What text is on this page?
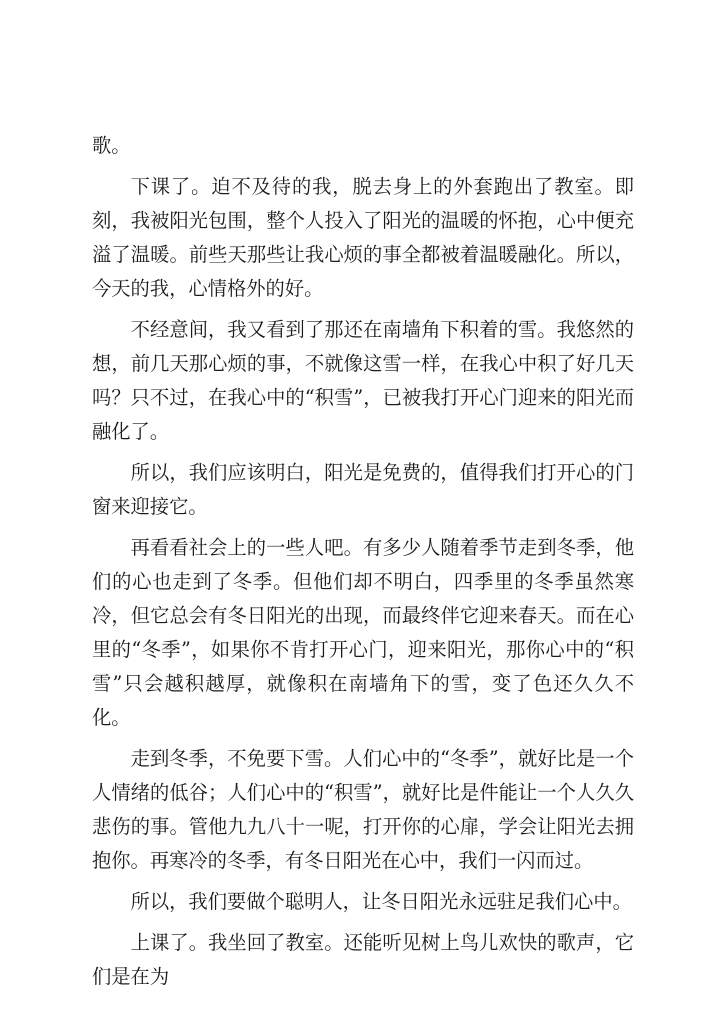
歌。

下课了。迫不及待的我，脱去身上的外套跑出了教室。即刻，我被阳光包围，整个人投入了阳光的温暖的怀抱，心中便充溢了温暖。前些天那些让我心烦的事全都被着温暖融化。所以，今天的我，心情格外的好。

不经意间，我又看到了那还在南墙角下积着的雪。我悠然的想，前几天那心烦的事，不就像这雪一样，在我心中积了好几天吗？只不过，在我心中的“积雪”，已被我打开心门迎来的阳光而融化了。

所以，我们应该明白，阳光是免费的，值得我们打开心的门窗来迎接它。

再看看社会上的一些人吧。有多少人随着季节走到冬季，他们的心也走到了冬季。但他们却不明白，四季里的冬季虽然寒冷，但它总会有冬日阳光的出现，而最终伴它迎来春天。而在心里的“冬季”，如果你不肯打开心门，迎来阳光，那你心中的“积雪”只会越积越厚，就像积在南墙角下的雪，变了色还久久不化。

走到冬季，不免要下雪。人们心中的“冬季”，就好比是一个人情绪的低谷；人们心中的“积雪”，就好比是件能让一个人久久悲伤的事。管他九九八十一呢，打开你的心扉，学会让阳光去拥抱你。再寒冷的冬季，有冬日阳光在心中，我们一闪而过。

所以，我们要做个聪明人，让冬日阳光永远驻足我们心中。

上课了。我坐回了教室。还能听见树上鸟儿欢快的歌声，它们是在为
